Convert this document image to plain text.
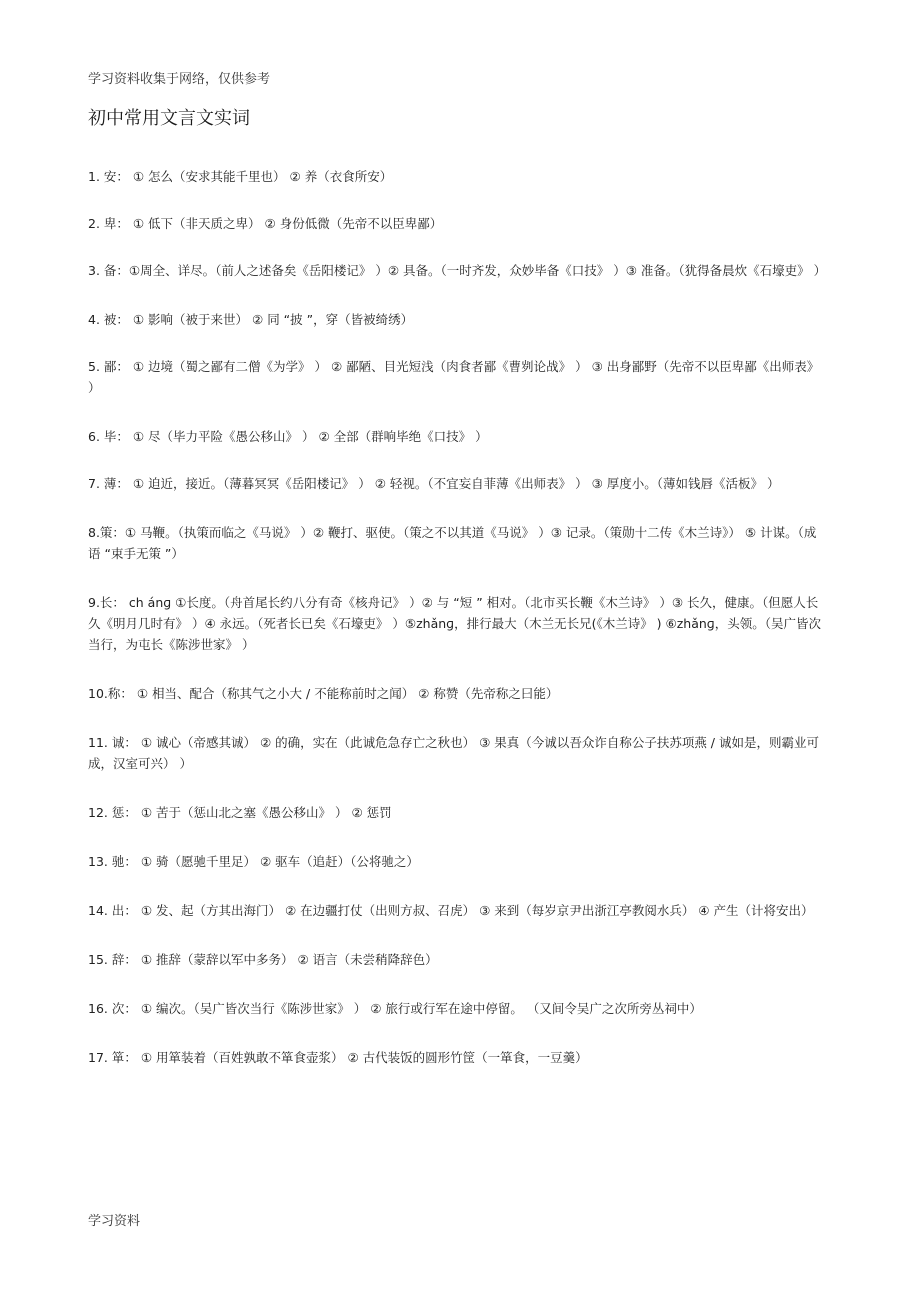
学习资料收集于网络，仅供参考
初中常用文言文实词

1. 安： ① 怎么（安求其能千里也） ② 养（衣食所安）

2. 卑： ① 低下（非天质之卑） ② 身份低微（先帝不以臣卑鄙）

3. 备：①周全、详尽。（前人之述备矣《岳阳楼记》 ）② 具备。（一时齐发，众妙毕备《口技》 ）③ 准备。（犹得备晨炊《石壕吏》 ）

4. 被： ① 影响（被于来世） ② 同 “披 ”，穿（皆被绮绣）

5. 鄙： ① 边境（蜀之鄙有二僧《为学》 ） ② 鄙陋、目光短浅（肉食者鄙《曹刿论战》 ） ③ 出身鄙野（先帝不以臣卑鄙《出师表》 ）

6. 毕： ① 尽（毕力平险《愚公移山》 ） ② 全部（群响毕绝《口技》 ）

7. 薄： ① 迫近，接近。（薄暮冥冥《岳阳楼记》 ） ② 轻视。（不宜妄自菲薄《出师表》 ） ③ 厚度小。（薄如钱唇《活板》 ）

8.策：① 马鞭。（执策而临之《马说》 ）② 鞭打、驱使。（策之不以其道《马说》 ）③ 记录。（策勋十二传《木兰诗》） ⑤ 计谋。（成语 “束手无策 ”）

9.长： ch ánɡ ①长度。（舟首尾长约八分有奇《核舟记》 ）② 与 “短 ” 相对。（北市买长鞭《木兰诗》 ）③ 长久，健康。（但愿人长久《明月几时有》 ）④ 永远。（死者长已矣《石壕吏》 ）⑤zhǎnɡ，排行最大（木兰无长兄(《木兰诗》 ) ⑥zhǎnɡ，头领。（吴广皆次当行，为屯长《陈涉世家》 ）

10.称： ① 相当、配合（称其气之小大 / 不能称前时之闻） ② 称赞（先帝称之曰能）

11. 诚： ① 诚心（帝感其诚） ② 的确，实在（此诚危急存亡之秋也） ③ 果真（今诚以吾众诈自称公子扶苏项燕 / 诚如是，则霸业可成，汉室可兴） ）

12. 惩： ① 苦于（惩山北之塞《愚公移山》 ） ② 惩罚

13. 驰： ① 骑（愿驰千里足） ② 驱车（追赶）（公将驰之）

14. 出： ① 发、起（方其出海门） ② 在边疆打仗（出则方叔、召虎） ③ 来到（每岁京尹出浙江亭教阅水兵） ④ 产生（计将安出）

15. 辞： ① 推辞（蒙辞以军中多务） ② 语言（未尝稍降辞色）

16. 次： ① 编次。（吴广皆次当行《陈涉世家》 ） ② 旅行或行军在途中停留。 （又间令吴广之次所旁丛祠中）

17. 箪： ① 用箪装着（百姓孰敢不箪食壶浆） ② 古代装饭的圆形竹筐（一箪食，一豆羹）

学习资料
